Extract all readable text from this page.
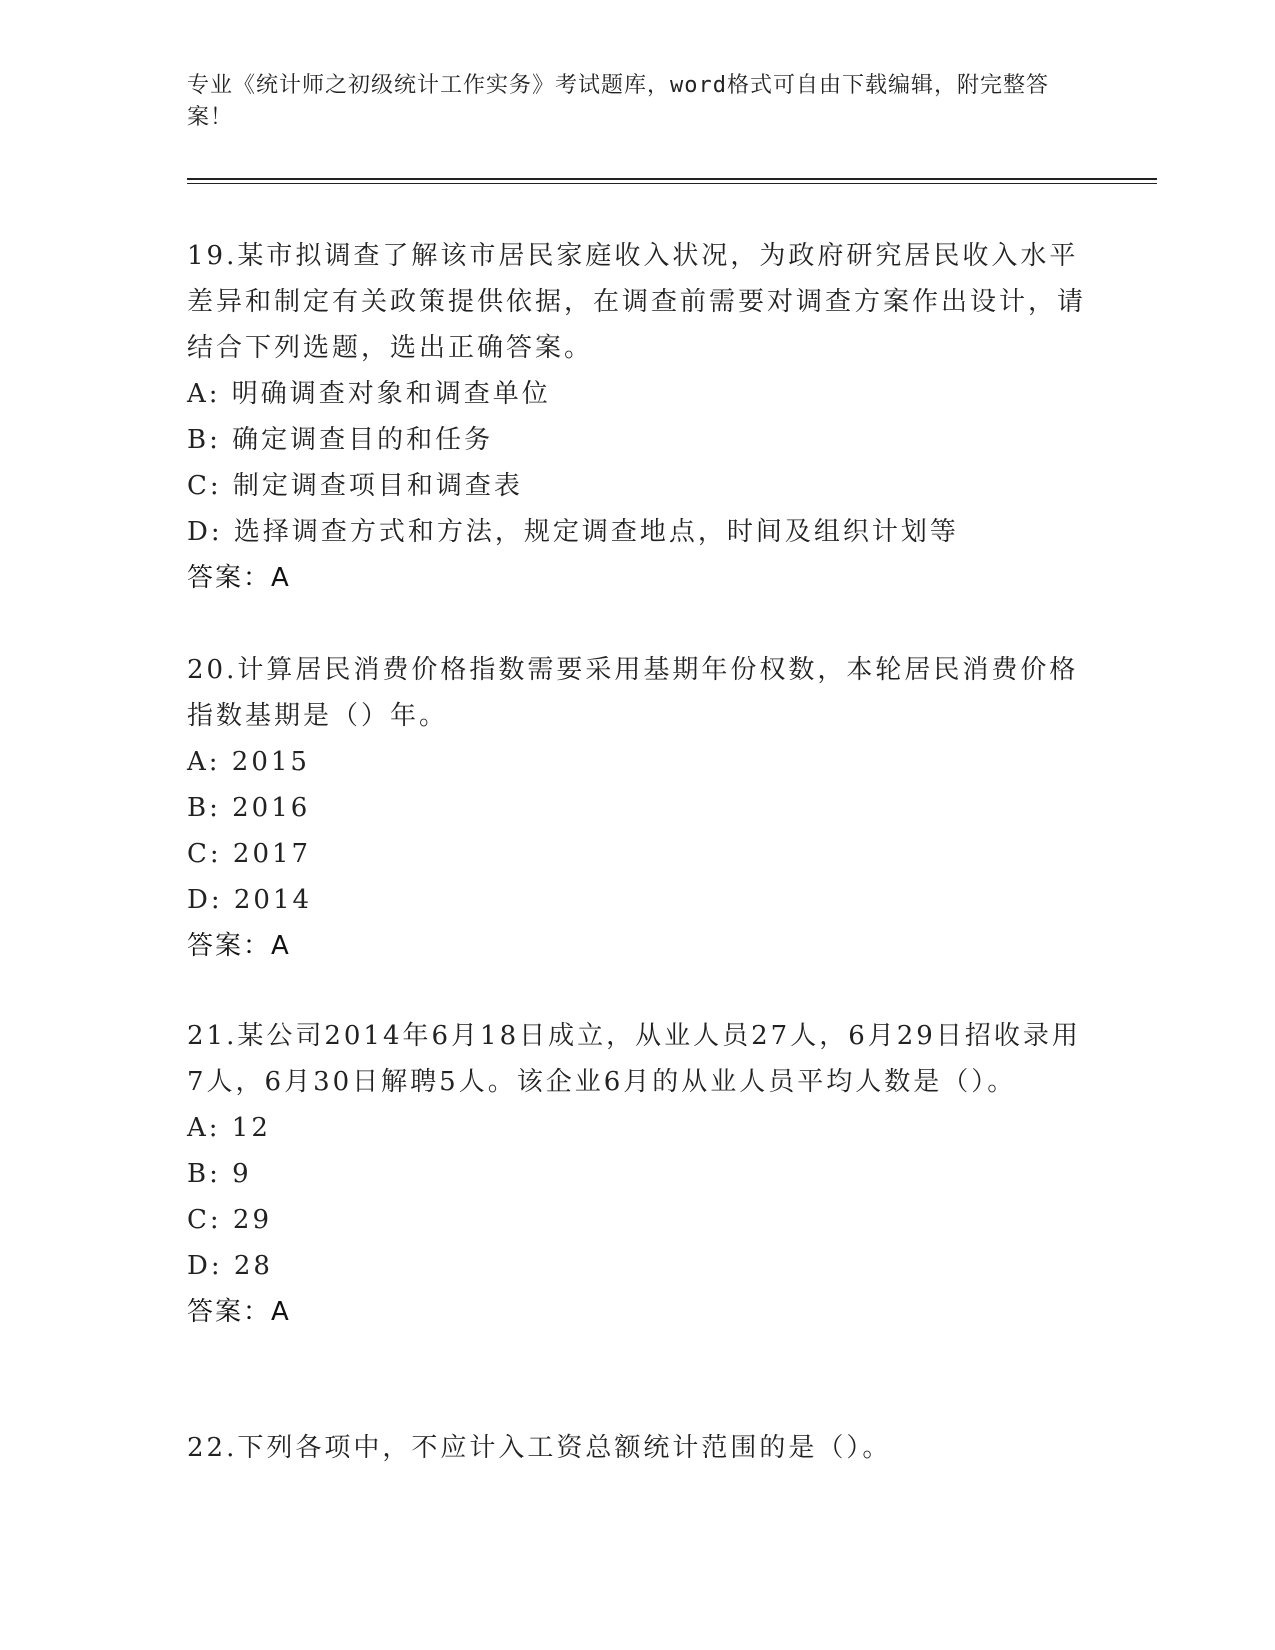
专业《统计师之初级统计工作实务》考试题库，word格式可自由下载编辑，附完整答案！

19.某市拟调查了解该市居民家庭收入状况，为政府研究居民收入水平差异和制定有关政策提供依据，在调查前需要对调查方案作出设计，请结合下列选题，选出正确答案。

A: 明确调查对象和调查单位
B: 确定调查目的和任务
C: 制定调查项目和调查表
D: 选择调查方式和方法，规定调查地点，时间及组织计划等
答案：A

20.计算居民消费价格指数需要采用基期年份权数，本轮居民消费价格指数基期是（）年。

A: 2015
B: 2016
C: 2017
D: 2014
答案：A

21.某公司2014年6月18日成立，从业人员27人，6月29日招收录用7人，6月30日解聘5人。该企业6月的从业人员平均人数是（）。

A: 12
B: 9
C: 29
D: 28
答案：A

22.下列各项中，不应计入工资总额统计范围的是（）。
